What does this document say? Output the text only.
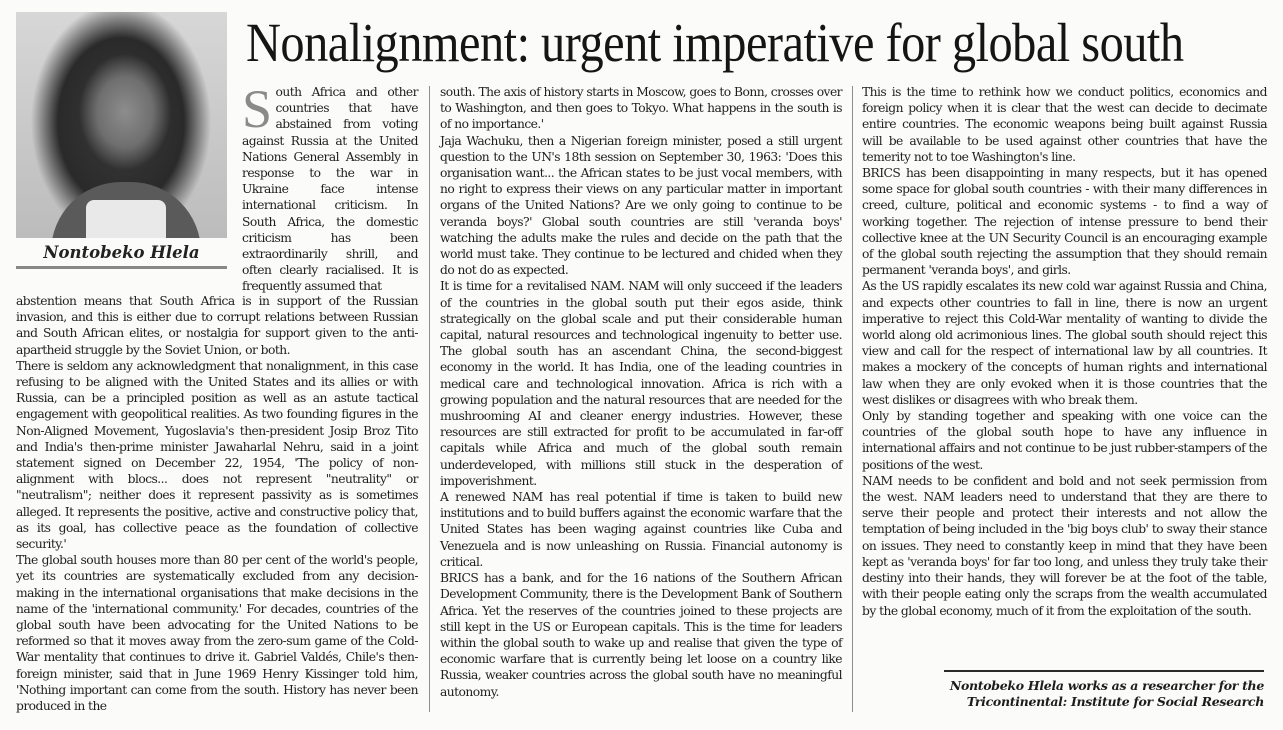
Nonalignment: urgent imperative for global south
Nontobeko Hlela
South Africa and other countries that have abstained from voting against Russia at the United Nations General Assembly in response to the war in Ukraine face intense international criticism. In South Africa, the domestic criticism has been extraordinarily shrill, and often clearly racialised. It is frequently assumed that

abstention means that South Africa is in support of the Russian invasion, and this is either due to corrupt relations between Russian and South African elites, or nostalgia for support given to the anti-apartheid struggle by the Soviet Union, or both.

There is seldom any acknowledgment that nonalignment, in this case refusing to be aligned with the United States and its allies or with Russia, can be a principled position as well as an astute tactical engagement with geopolitical realities. As two founding figures in the Non-Aligned Movement, Yugoslavia's then-president Josip Broz Tito and India's then-prime minister Jawaharlal Nehru, said in a joint statement signed on December 22, 1954, 'The policy of non-alignment with blocs... does not represent "neutrality" or "neutralism"; neither does it represent passivity as is sometimes alleged. It represents the positive, active and constructive policy that, as its goal, has collective peace as the foundation of collective security.'

The global south houses more than 80 per cent of the world's people, yet its countries are systematically excluded from any decision-making in the international organisations that make decisions in the name of the 'international community.' For decades, countries of the global south have been advocating for the United Nations to be reformed so that it moves away from the zero-sum game of the Cold-War mentality that continues to drive it. Gabriel Valdés, Chile's then-foreign minister, said that in June 1969 Henry Kissinger told him, 'Nothing important can come from the south. History has never been produced in the

south. The axis of history starts in Moscow, goes to Bonn, crosses over to Washington, and then goes to Tokyo. What happens in the south is of no importance.'

Jaja Wachuku, then a Nigerian foreign minister, posed a still urgent question to the UN's 18th session on September 30, 1963: 'Does this organisation want... the African states to be just vocal members, with no right to express their views on any particular matter in important organs of the United Nations? Are we only going to continue to be veranda boys?' Global south countries are still 'veranda boys' watching the adults make the rules and decide on the path that the world must take. They continue to be lectured and chided when they do not do as expected.

It is time for a revitalised NAM. NAM will only succeed if the leaders of the countries in the global south put their egos aside, think strategically on the global scale and put their considerable human capital, natural resources and technological ingenuity to better use. The global south has an ascendant China, the second-biggest economy in the world. It has India, one of the leading countries in medical care and technological innovation. Africa is rich with a growing population and the natural resources that are needed for the mushrooming AI and cleaner energy industries. However, these resources are still extracted for profit to be accumulated in far-off capitals while Africa and much of the global south remain underdeveloped, with millions still stuck in the desperation of impoverishment.

A renewed NAM has real potential if time is taken to build new institutions and to build buffers against the economic warfare that the United States has been waging against countries like Cuba and Venezuela and is now unleashing on Russia. Financial autonomy is critical.

BRICS has a bank, and for the 16 nations of the Southern African Development Community, there is the Development Bank of Southern Africa. Yet the reserves of the countries joined to these projects are still kept in the US or European capitals. This is the time for leaders within the global south to wake up and realise that given the type of economic warfare that is currently being let loose on a country like Russia, weaker countries across the global south have no meaningful autonomy.

This is the time to rethink how we conduct politics, economics and foreign policy when it is clear that the west can decide to decimate entire countries. The economic weapons being built against Russia will be available to be used against other countries that have the temerity not to toe Washington's line.

BRICS has been disappointing in many respects, but it has opened some space for global south countries - with their many differences in creed, culture, political and economic systems - to find a way of working together. The rejection of intense pressure to bend their collective knee at the UN Security Council is an encouraging example of the global south rejecting the assumption that they should remain permanent 'veranda boys', and girls.

As the US rapidly escalates its new cold war against Russia and China, and expects other countries to fall in line, there is now an urgent imperative to reject this Cold-War mentality of wanting to divide the world along old acrimonious lines. The global south should reject this view and call for the respect of international law by all countries. It makes a mockery of the concepts of human rights and international law when they are only evoked when it is those countries that the west dislikes or disagrees with who break them.

Only by standing together and speaking with one voice can the countries of the global south hope to have any influence in international affairs and not continue to be just rubber-stampers of the positions of the west.

NAM needs to be confident and bold and not seek permission from the west. NAM leaders need to understand that they are there to serve their people and protect their interests and not allow the temptation of being included in the 'big boys club' to sway their stance on issues. They need to constantly keep in mind that they have been kept as 'veranda boys' for far too long, and unless they truly take their destiny into their hands, they will forever be at the foot of the table, with their people eating only the scraps from the wealth accumulated by the global economy, much of it from the exploitation of the south.

Nontobeko Hlela works as a researcher for the
Tricontinental: Institute for Social Research
